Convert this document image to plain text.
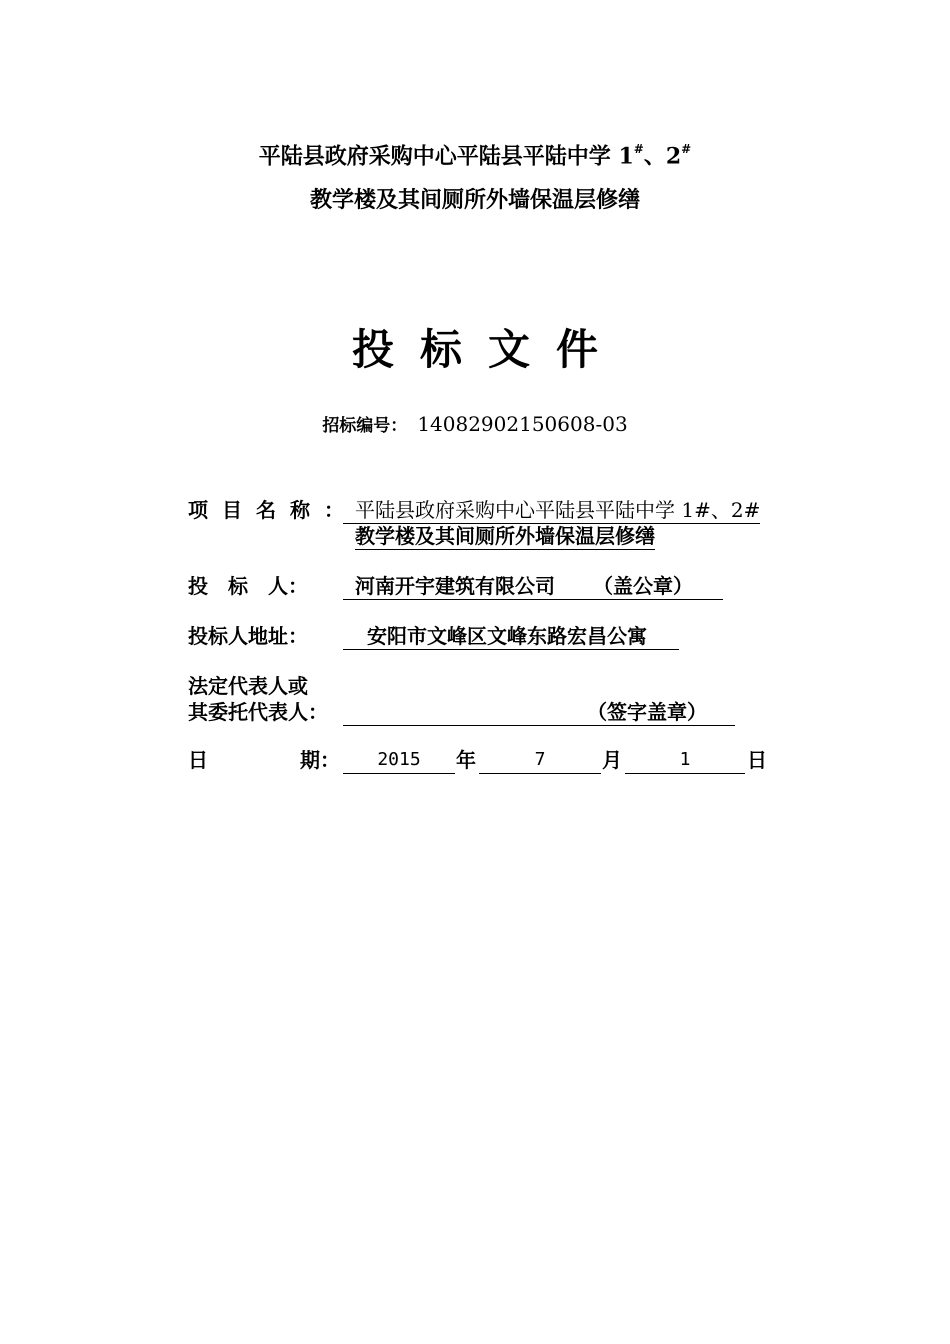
平陆县政府采购中心平陆县平陆中学 1#、2#
教学楼及其间厕所外墙保温层修缮
投标文件
招标编号： 14082902150608-03
项目名称：
平陆县政府采购中心平陆县平陆中学 1#、2#
教学楼及其间厕所外墙保温层修缮
投　标　人：	河南开宇建筑有限公司 （盖公章）
投标人地址：	安阳市文峰区文峰东路宏昌公寓
法定代表人或
其委托代表人：	（签字盖章）
日	期：	2015	年	7	月	1	日
